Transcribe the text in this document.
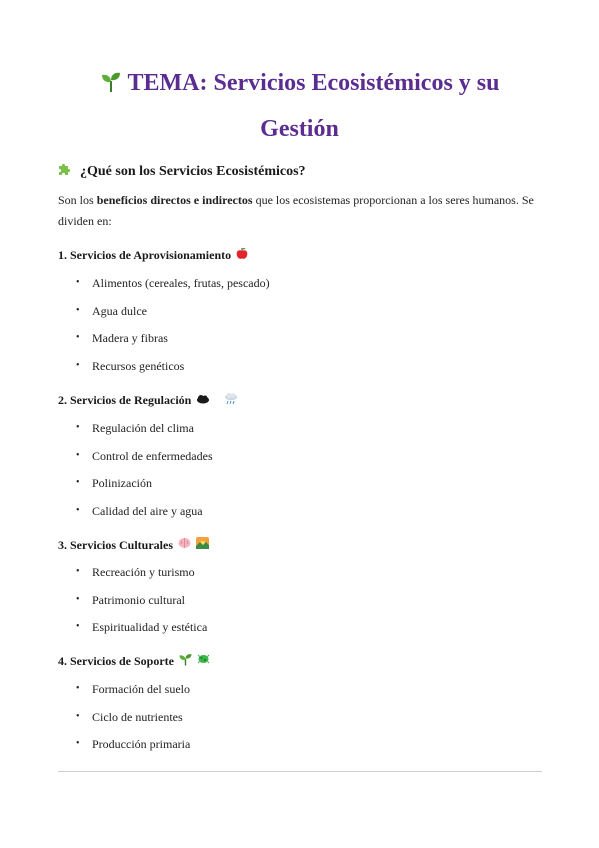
TEMA: Servicios Ecosistémicos y su
Gestión
¿Qué son los Servicios Ecosistémicos?
Son los beneficios directos e indirectos que los ecosistemas proporcionan a los seres humanos. Se dividen en:
1. Servicios de Aprovisionamiento
•	Alimentos (cereales, frutas, pescado)
•	Agua dulce
•	Madera y fibras
•	Recursos genéticos
2. Servicios de Regulación
•	Regulación del clima
•	Control de enfermedades
•	Polinización
•	Calidad del aire y agua
3. Servicios Culturales
•	Recreación y turismo
•	Patrimonio cultural
•	Espiritualidad y estética
4. Servicios de Soporte
•	Formación del suelo
•	Ciclo de nutrientes
•	Producción primaria
